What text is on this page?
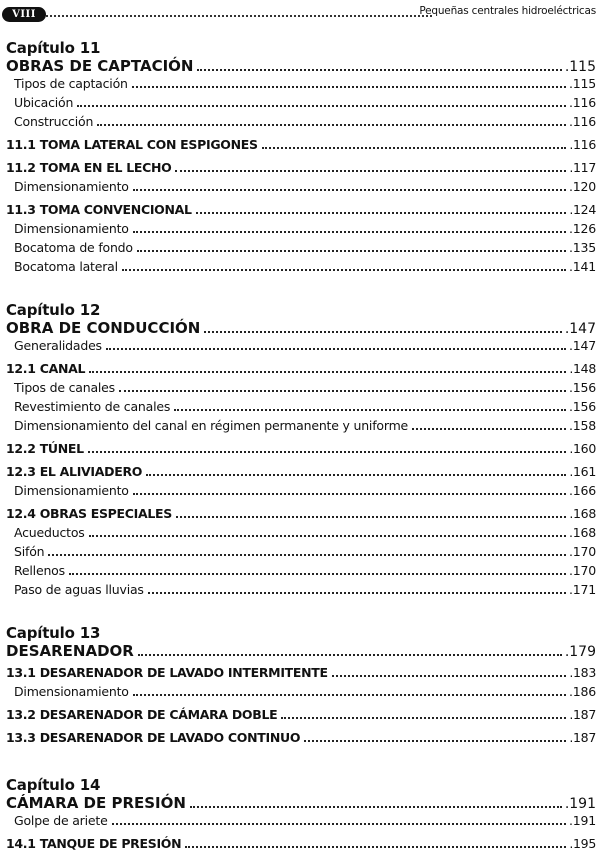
VIII	Pequeñas centrales hidroeléctricas
Capítulo 11
OBRAS DE CAPTACIÓN	.115
Tipos de captación	.115
Ubicación	.116
Construcción	.116
11.1 TOMA LATERAL CON ESPIGONES	.116
11.2 TOMA EN EL LECHO	.117
Dimensionamiento	.120
11.3 TOMA CONVENCIONAL	.124
Dimensionamiento	.126
Bocatoma de fondo	.135
Bocatoma lateral	.141
Capítulo 12
OBRA DE CONDUCCIÓN	.147
Generalidades	.147
12.1 CANAL	.148
Tipos de canales	.156
Revestimiento de canales	.156
Dimensionamiento del canal en régimen permanente y uniforme	.158
12.2 TÚNEL	.160
12.3 EL ALIVIADERO	.161
Dimensionamiento	.166
12.4 OBRAS ESPECIALES	.168
Acueductos	.168
Sifón	.170
Rellenos	.170
Paso de aguas lluvias	.171
Capítulo 13
DESARENADOR	.179
13.1 DESARENADOR DE LAVADO INTERMITENTE	.183
Dimensionamiento	.186
13.2 DESARENADOR DE CÁMARA DOBLE	.187
13.3 DESARENADOR DE LAVADO CONTINUO	.187
Capítulo 14
CÁMARA DE PRESIÓN	.191
Golpe de ariete	.191
14.1 TANQUE DE PRESIÓN	.195
